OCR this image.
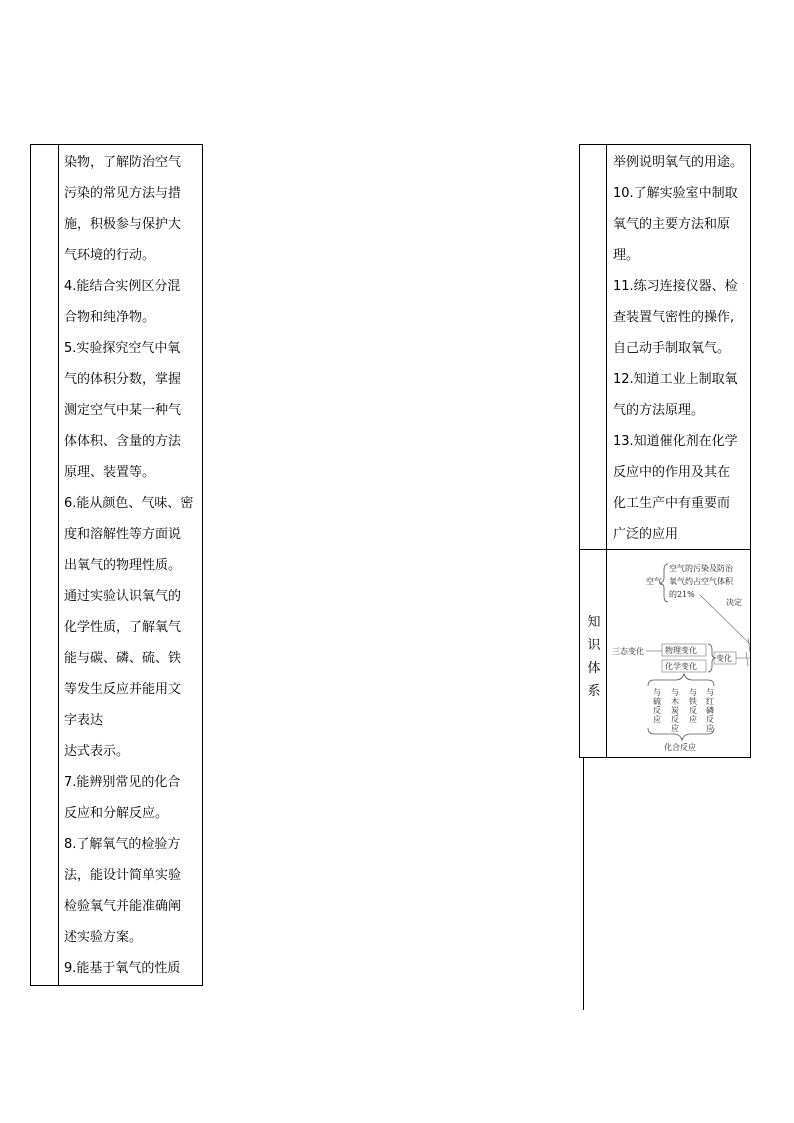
染物，了解防治空气
污染的常见方法与措
施，积极参与保护大
气环境的行动。
4.能结合实例区分混
合物和纯净物。
5.实验探究空气中氧
气的体积分数，掌握
测定空气中某一种气
体体积、含量的方法
原理、装置等。
6.能从颜色、气味、密
度和溶解性等方面说
出氧气的物理性质。
通过实验认识氧气的
化学性质，了解氧气
能与碳、磷、硫、铁
等发生反应并能用文
字表达
达式表示。
7.能辨别常见的化合
反应和分解反应。
8.了解氧气的检验方
法，能设计简单实验
检验氧气并能准确阐
述实验方案。
9.能基于氧气的性质
举例说明氧气的用途。
10.了解实验室中制取
氧气的主要方法和原
理。
11.练习连接仪器、检
查装置气密性的操作,
自己动手制取氧气。
12.知道工业上制取氧
气的方法原理。
13.知道催化剂在化学
反应中的作用及其在
化工生产中有重要而
广泛的应用
知
识
体
系
空气
空气的污染及防治
氧气约占空气体积
的21%
决定
三态变化	物理变化
化学变化
变化
化合反应
与
硫
反
应
与
木
炭
反
应
与
铁
反
应
与
红
磷
反
应
